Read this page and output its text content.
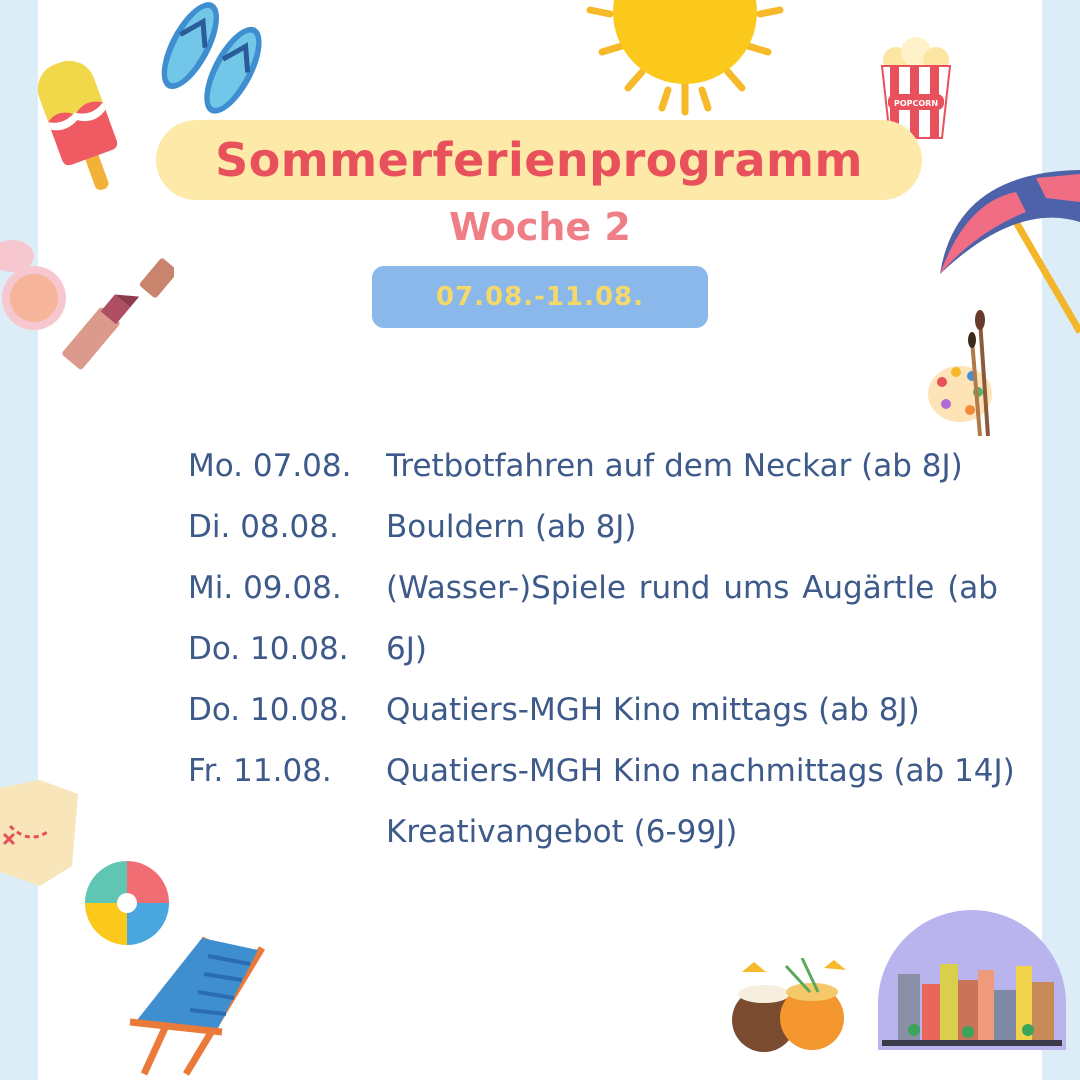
POPCORN
Sommerferienprogramm
Woche 2
07.08.-11.08.
Mo. 07.08. Tretbotfahren auf dem Neckar (ab 8J)
Di. 08.08. Bouldern (ab 8J)
Mi. 09.08. (Wasser-)Spiele rund ums Augärtle (ab
Do. 10.08. 6J)
Do. 10.08. Quatiers-MGH Kino mittags (ab 8J)
Fr. 11.08. Quatiers-MGH Kino nachmittags (ab 14J)
Kreativangebot (6-99J)
